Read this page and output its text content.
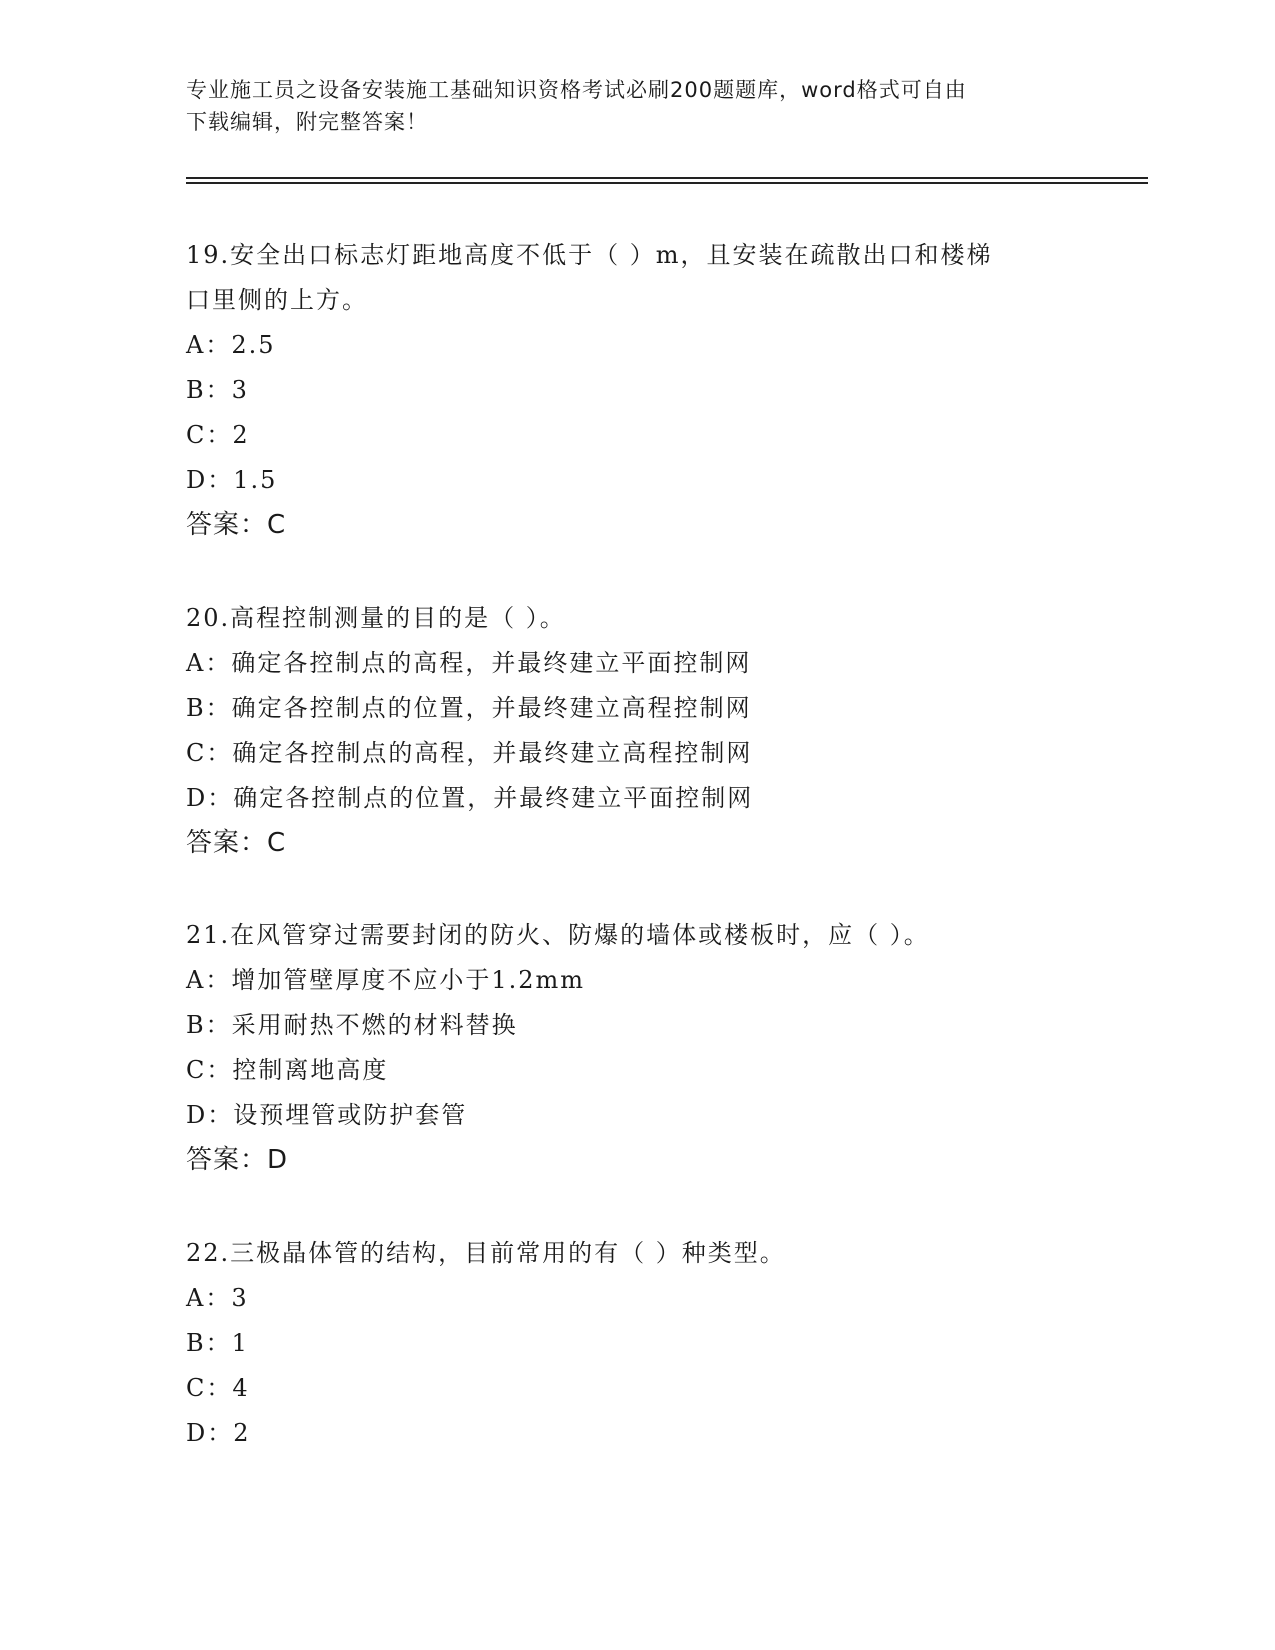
专业施工员之设备安装施工基础知识资格考试必刷200题题库，word格式可自由
下载编辑，附完整答案！
19.安全出口标志灯距地高度不低于（ ）m，且安装在疏散出口和楼梯
口里侧的上方。
A：2.5
B：3
C：2
D：1.5
答案：C
20.高程控制测量的目的是（ ）。
A：确定各控制点的高程，并最终建立平面控制网
B：确定各控制点的位置，并最终建立高程控制网
C：确定各控制点的高程，并最终建立高程控制网
D：确定各控制点的位置，并最终建立平面控制网
答案：C
21.在风管穿过需要封闭的防火、防爆的墙体或楼板时，应（ ）。
A：增加管壁厚度不应小于1.2mm
B：采用耐热不燃的材料替换
C：控制离地高度
D：设预埋管或防护套管
答案：D
22.三极晶体管的结构，目前常用的有（ ）种类型。
A：3
B：1
C：4
D：2
